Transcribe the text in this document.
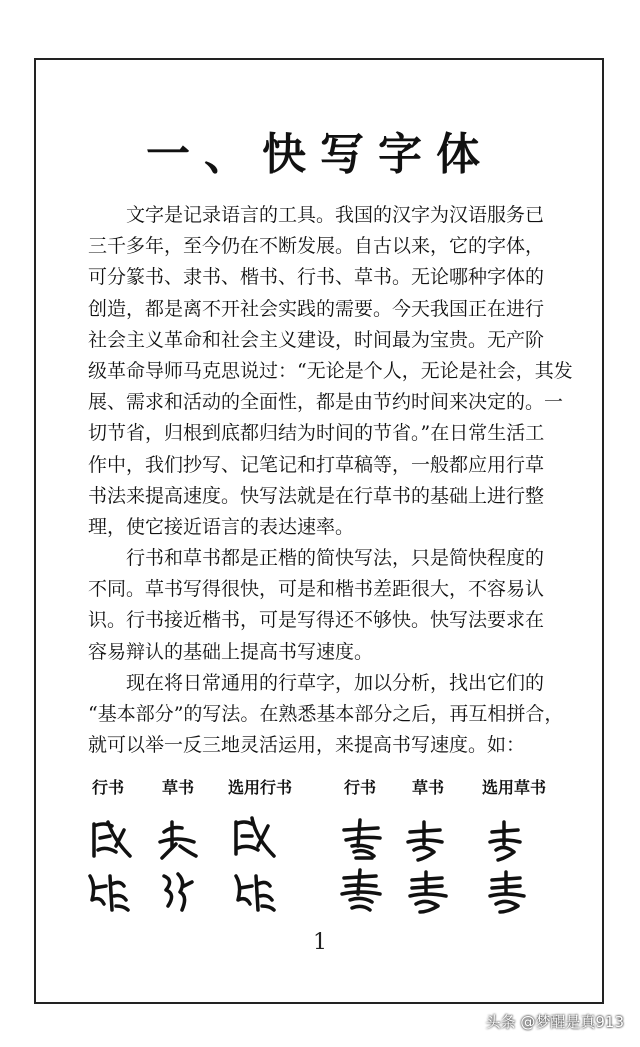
一、快写字体
　　文字是记录语言的工具。我国的汉字为汉语服务已
三千多年，至今仍在不断发展。自古以来，它的字体，
可分篆书、隶书、楷书、行书、草书。无论哪种字体的
创造，都是离不开社会实践的需要。今天我国正在进行
社会主义革命和社会主义建设，时间最为宝贵。无产阶
级革命导师马克思说过：“无论是个人，无论是社会，其发
展、需求和活动的全面性，都是由节约时间来决定的。一
切节省，归根到底都归结为时间的节省。”在日常生活工
作中，我们抄写、记笔记和打草稿等，一般都应用行草
书法来提高速度。快写法就是在行草书的基础上进行整
理，使它接近语言的表达速率。
　　行书和草书都是正楷的简快写法，只是简快程度的
不同。草书写得很快，可是和楷书差距很大，不容易认
识。行书接近楷书，可是写得还不够快。快写法要求在
容易辩认的基础上提高书写速度。
　　现在将日常通用的行草字，加以分析，找出它们的
“基本部分”的写法。在熟悉基本部分之后，再互相拼合，
就可以举一反三地灵活运用，来提高书写速度。如：
行书 草书 选用行书	行书 草书 选用草书
1
头条 @梦醒是真913
